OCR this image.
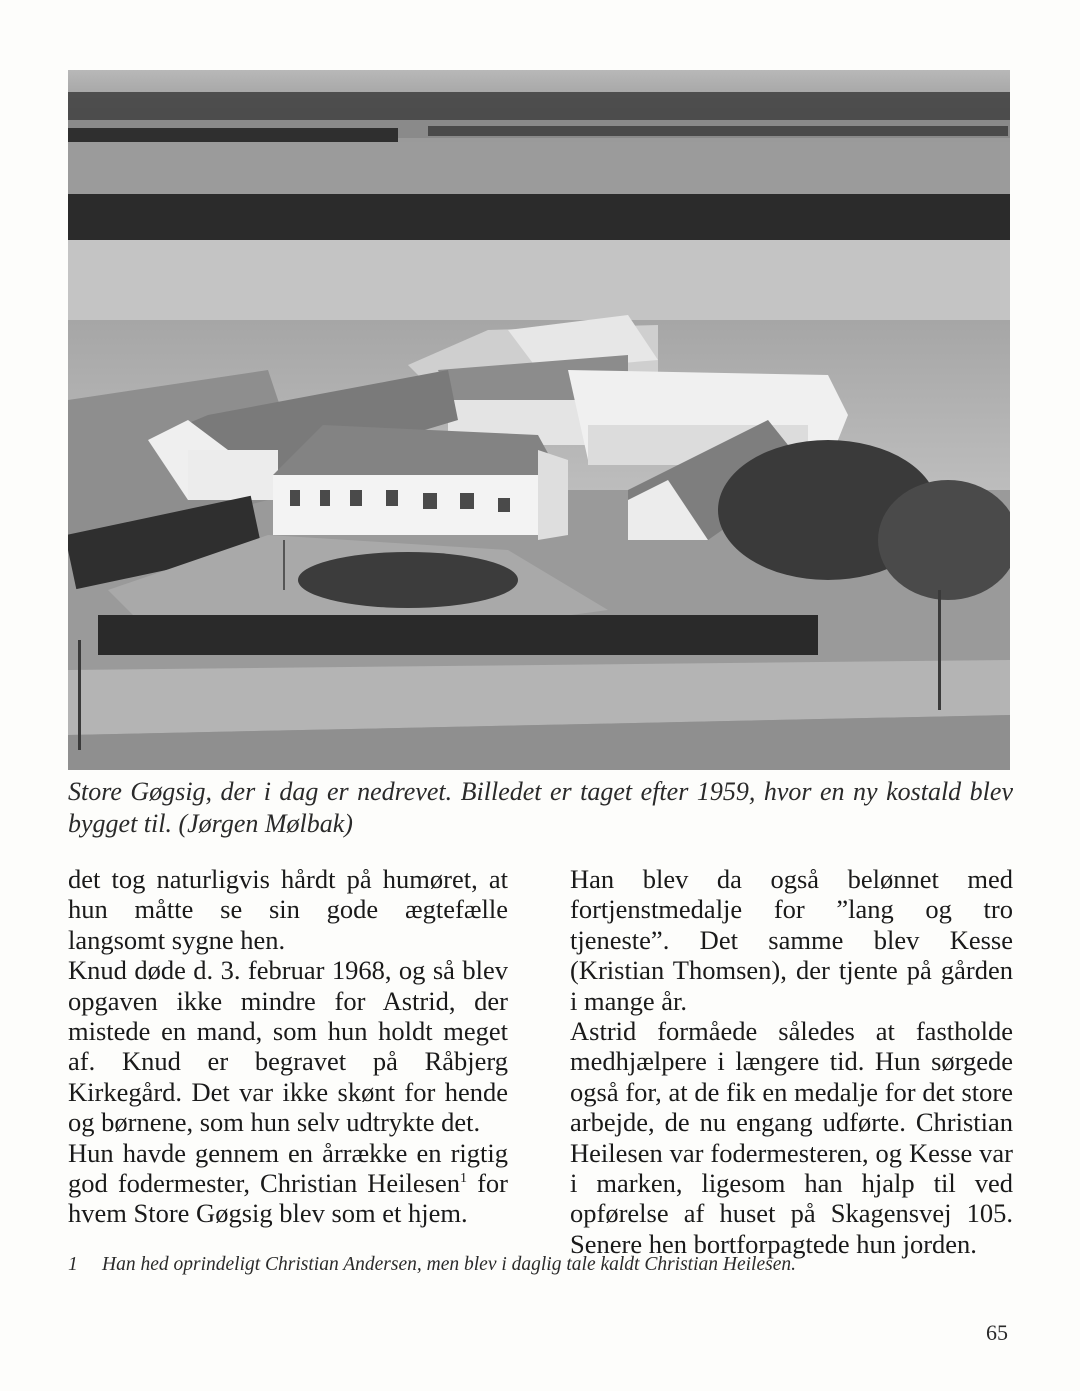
Store Gøgsig, der i dag er nedrevet. Billedet er taget efter 1959, hvor en ny kostald blev bygget til. (Jørgen Mølbak)

det tog naturligvis hårdt på humøret, at hun måtte se sin gode ægtefælle langsomt sygne hen.

Knud døde d. 3. februar 1968, og så blev opgaven ikke mindre for Astrid, der mistede en mand, som hun holdt meget af. Knud er begravet på Råbjerg Kirkegård. Det var ikke skønt for hende og børnene, som hun selv udtrykte det.

Hun havde gennem en årrække en rigtig god fodermester, Christian Heilesen$^1$ for hvem Store Gøgsig blev som et hjem.

Han blev da også belønnet med fortjenstmedalje for ”lang og tro tjeneste”. Det samme blev Kesse (Kristian Thomsen), der tjente på gården i mange år.

Astrid formåede således at fastholde medhjælpere i længere tid. Hun sørgede også for, at de fik en medalje for det store arbejde, de nu engang udførte. Christian Heilesen var fodermesteren, og Kesse var i marken, ligesom han hjalp til ved opførelse af huset på Skagensvej 105. Senere hen bortforpagtede hun jorden.

1 Han hed oprindeligt Christian Andersen, men blev i daglig tale kaldt Christian Heilesen.
65
